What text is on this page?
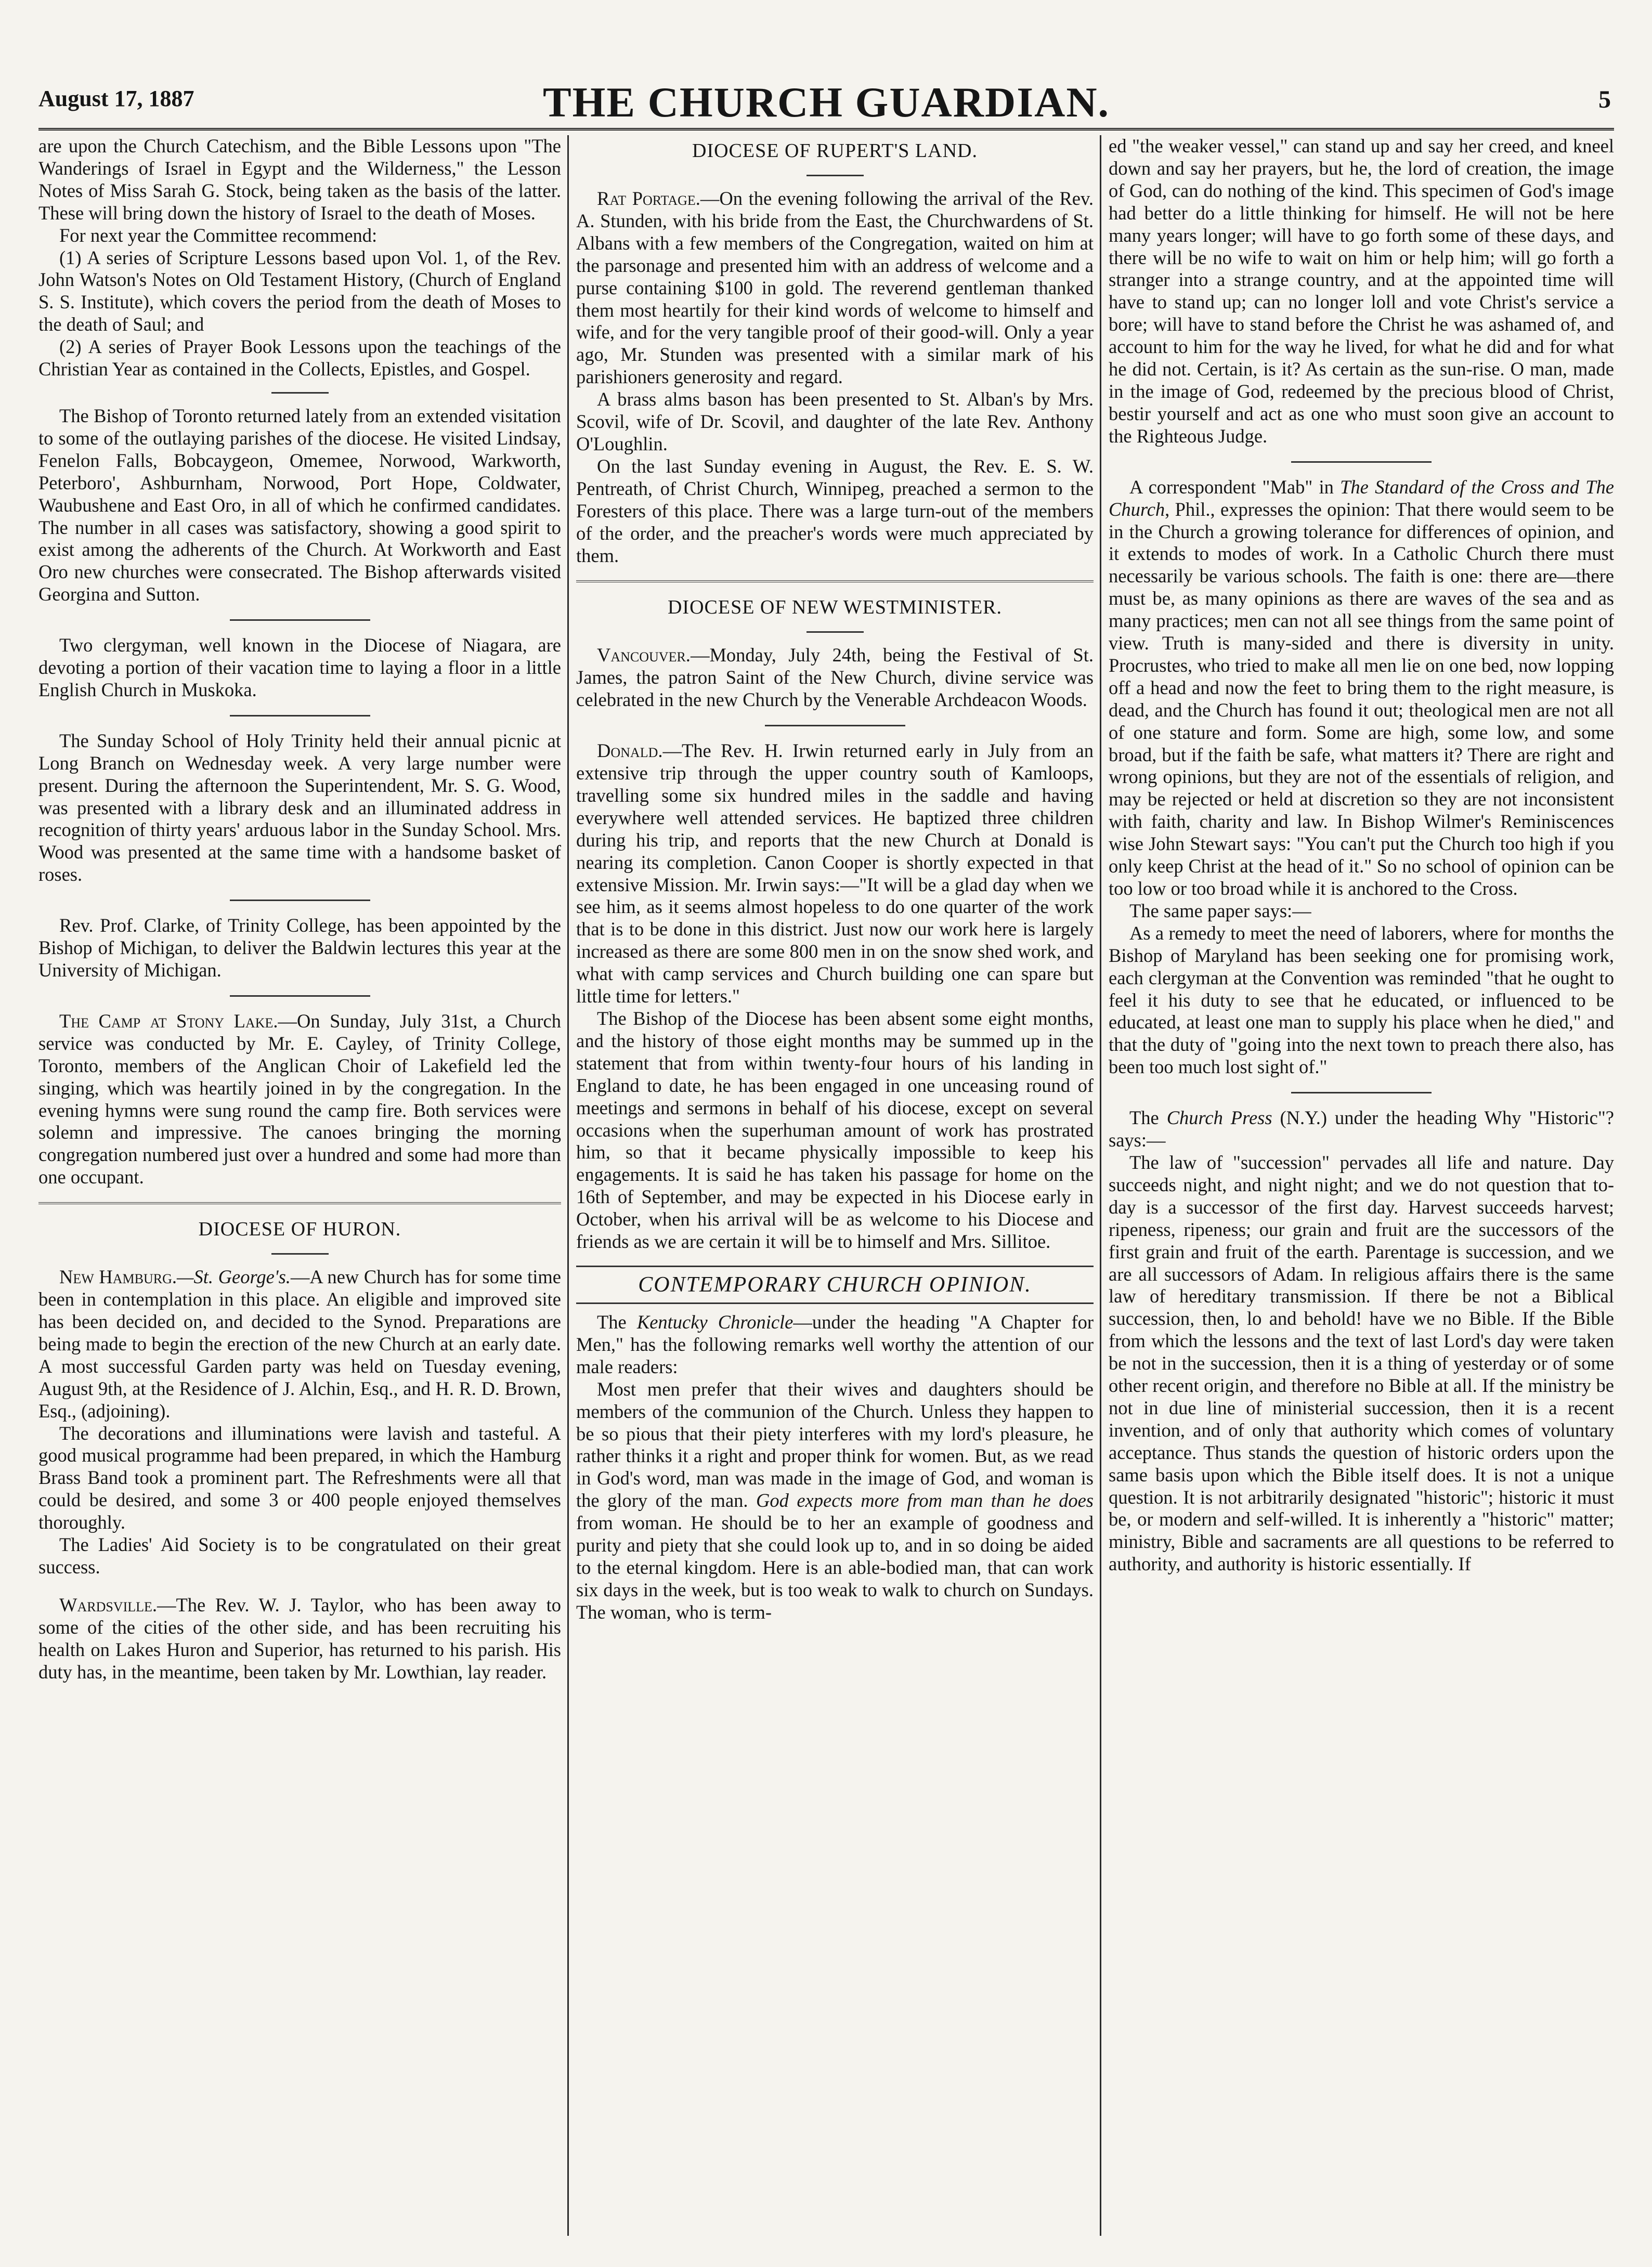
August 17, 1887	THE CHURCH GUARDIAN.	5

are upon the Church Catechism, and the Bible Lessons upon "The Wanderings of Israel in Egypt and the Wilderness," the Lesson Notes of Miss Sarah G. Stock, being taken as the basis of the latter. These will bring down the history of Israel to the death of Moses.

For next year the Committee recommend:

(1) A series of Scripture Lessons based upon Vol. 1, of the Rev. John Watson's Notes on Old Testament History, (Church of England S. S. Institute), which covers the period from the death of Moses to the death of Saul; and

(2) A series of Prayer Book Lessons upon the teachings of the Christian Year as contained in the Collects, Epistles, and Gospel.

The Bishop of Toronto returned lately from an extended visitation to some of the outlaying parishes of the diocese. He visited Lindsay, Fenelon Falls, Bobcaygeon, Omemee, Norwood, Warkworth, Peterboro', Ashburnham, Norwood, Port Hope, Coldwater, Waubushene and East Oro, in all of which he confirmed candidates. The number in all cases was satisfactory, showing a good spirit to exist among the adherents of the Church. At Workworth and East Oro new churches were consecrated. The Bishop afterwards visited Georgina and Sutton.

Two clergyman, well known in the Diocese of Niagara, are devoting a portion of their vacation time to laying a floor in a little English Church in Muskoka.

The Sunday School of Holy Trinity held their annual picnic at Long Branch on Wednesday week. A very large number were present. During the afternoon the Superintendent, Mr. S. G. Wood, was presented with a library desk and an illuminated address in recognition of thirty years' arduous labor in the Sunday School. Mrs. Wood was presented at the same time with a handsome basket of roses.

Rev. Prof. Clarke, of Trinity College, has been appointed by the Bishop of Michigan, to deliver the Baldwin lectures this year at the University of Michigan.

The Camp at Stony Lake.—On Sunday, July 31st, a Church service was conducted by Mr. E. Cayley, of Trinity College, Toronto, members of the Anglican Choir of Lakefield led the singing, which was heartily joined in by the congregation. In the evening hymns were sung round the camp fire. Both services were solemn and impressive. The canoes bringing the morning congregation numbered just over a hundred and some had more than one occupant.

DIOCESE OF HURON.

New Hamburg.—St. George's.—A new Church has for some time been in contemplation in this place. An eligible and improved site has been decided on, and decided to the Synod. Preparations are being made to begin the erection of the new Church at an early date. A most successful Garden party was held on Tuesday evening, August 9th, at the Residence of J. Alchin, Esq., and H. R. D. Brown, Esq., (adjoining).

The decorations and illuminations were lavish and tasteful. A good musical programme had been prepared, in which the Hamburg Brass Band took a prominent part. The Refreshments were all that could be desired, and some 3 or 400 people enjoyed themselves thoroughly.

The Ladies' Aid Society is to be congratulated on their great success.

Wardsville.—The Rev. W. J. Taylor, who has been away to some of the cities of the other side, and has been recruiting his health on Lakes Huron and Superior, has returned to his parish. His duty has, in the meantime, been taken by Mr. Lowthian, lay reader.

DIOCESE OF RUPERT'S LAND.

Rat Portage.—On the evening following the arrival of the Rev. A. Stunden, with his bride from the East, the Churchwardens of St. Albans with a few members of the Congregation, waited on him at the parsonage and presented him with an address of welcome and a purse containing $100 in gold. The reverend gentleman thanked them most heartily for their kind words of welcome to himself and wife, and for the very tangible proof of their good-will. Only a year ago, Mr. Stunden was presented with a similar mark of his parishioners generosity and regard.

A brass alms bason has been presented to St. Alban's by Mrs. Scovil, wife of Dr. Scovil, and daughter of the late Rev. Anthony O'Loughlin.

On the last Sunday evening in August, the Rev. E. S. W. Pentreath, of Christ Church, Winnipeg, preached a sermon to the Foresters of this place. There was a large turn-out of the members of the order, and the preacher's words were much appreciated by them.

DIOCESE OF NEW WESTMINISTER.

Vancouver.—Monday, July 24th, being the Festival of St. James, the patron Saint of the New Church, divine service was celebrated in the new Church by the Venerable Archdeacon Woods.

Donald.—The Rev. H. Irwin returned early in July from an extensive trip through the upper country south of Kamloops, travelling some six hundred miles in the saddle and having everywhere well attended services. He baptized three children during his trip, and reports that the new Church at Donald is nearing its completion. Canon Cooper is shortly expected in that extensive Mission. Mr. Irwin says:—"It will be a glad day when we see him, as it seems almost hopeless to do one quarter of the work that is to be done in this district. Just now our work here is largely increased as there are some 800 men in on the snow shed work, and what with camp services and Church building one can spare but little time for letters."

The Bishop of the Diocese has been absent some eight months, and the history of those eight months may be summed up in the statement that from within twenty-four hours of his landing in England to date, he has been engaged in one unceasing round of meetings and sermons in behalf of his diocese, except on several occasions when the superhuman amount of work has prostrated him, so that it became physically impossible to keep his engagements. It is said he has taken his passage for home on the 16th of September, and may be expected in his Diocese early in October, when his arrival will be as welcome to his Diocese and friends as we are certain it will be to himself and Mrs. Sillitoe.

CONTEMPORARY CHURCH OPINION.

The Kentucky Chronicle—under the heading "A Chapter for Men," has the following remarks well worthy the attention of our male readers:

Most men prefer that their wives and daughters should be members of the communion of the Church. Unless they happen to be so pious that their piety interferes with my lord's pleasure, he rather thinks it a right and proper think for women. But, as we read in God's word, man was made in the image of God, and woman is the glory of the man. God expects more from man than he does from woman. He should be to her an example of goodness and purity and piety that she could look up to, and in so doing be aided to the eternal kingdom. Here is an able-bodied man, that can work six days in the week, but is too weak to walk to church on Sundays. The woman, who is term-

ed "the weaker vessel," can stand up and say her creed, and kneel down and say her prayers, but he, the lord of creation, the image of God, can do nothing of the kind. This specimen of God's image had better do a little thinking for himself. He will not be here many years longer; will have to go forth some of these days, and there will be no wife to wait on him or help him; will go forth a stranger into a strange country, and at the appointed time will have to stand up; can no longer loll and vote Christ's service a bore; will have to stand before the Christ he was ashamed of, and account to him for the way he lived, for what he did and for what he did not. Certain, is it? As certain as the sun-rise. O man, made in the image of God, redeemed by the precious blood of Christ, bestir yourself and act as one who must soon give an account to the Righteous Judge.

A correspondent "Mab" in The Standard of the Cross and The Church, Phil., expresses the opinion: That there would seem to be in the Church a growing tolerance for differences of opinion, and it extends to modes of work. In a Catholic Church there must necessarily be various schools. The faith is one: there are—there must be, as many opinions as there are waves of the sea and as many practices; men can not all see things from the same point of view. Truth is many-sided and there is diversity in unity. Procrustes, who tried to make all men lie on one bed, now lopping off a head and now the feet to bring them to the right measure, is dead, and the Church has found it out; theological men are not all of one stature and form. Some are high, some low, and some broad, but if the faith be safe, what matters it? There are right and wrong opinions, but they are not of the essentials of religion, and may be rejected or held at discretion so they are not inconsistent with faith, charity and law. In Bishop Wilmer's Reminiscences wise John Stewart says: "You can't put the Church too high if you only keep Christ at the head of it." So no school of opinion can be too low or too broad while it is anchored to the Cross.

The same paper says:—

As a remedy to meet the need of laborers, where for months the Bishop of Maryland has been seeking one for promising work, each clergyman at the Convention was reminded "that he ought to feel it his duty to see that he educated, or influenced to be educated, at least one man to supply his place when he died," and that the duty of "going into the next town to preach there also, has been too much lost sight of."

The Church Press (N.Y.) under the heading Why "Historic"? says:—

The law of "succession" pervades all life and nature. Day succeeds night, and night night; and we do not question that to-day is a successor of the first day. Harvest succeeds harvest; ripeness, ripeness; our grain and fruit are the successors of the first grain and fruit of the earth. Parentage is succession, and we are all successors of Adam. In religious affairs there is the same law of hereditary transmission. If there be not a Biblical succession, then, lo and behold! have we no Bible. If the Bible from which the lessons and the text of last Lord's day were taken be not in the succession, then it is a thing of yesterday or of some other recent origin, and therefore no Bible at all. If the ministry be not in due line of ministerial succession, then it is a recent invention, and of only that authority which comes of voluntary acceptance. Thus stands the question of historic orders upon the same basis upon which the Bible itself does. It is not a unique question. It is not arbitrarily designated "historic"; historic it must be, or modern and self-willed. It is inherently a "historic" matter; ministry, Bible and sacraments are all questions to be referred to authority, and authority is historic essentially. If
